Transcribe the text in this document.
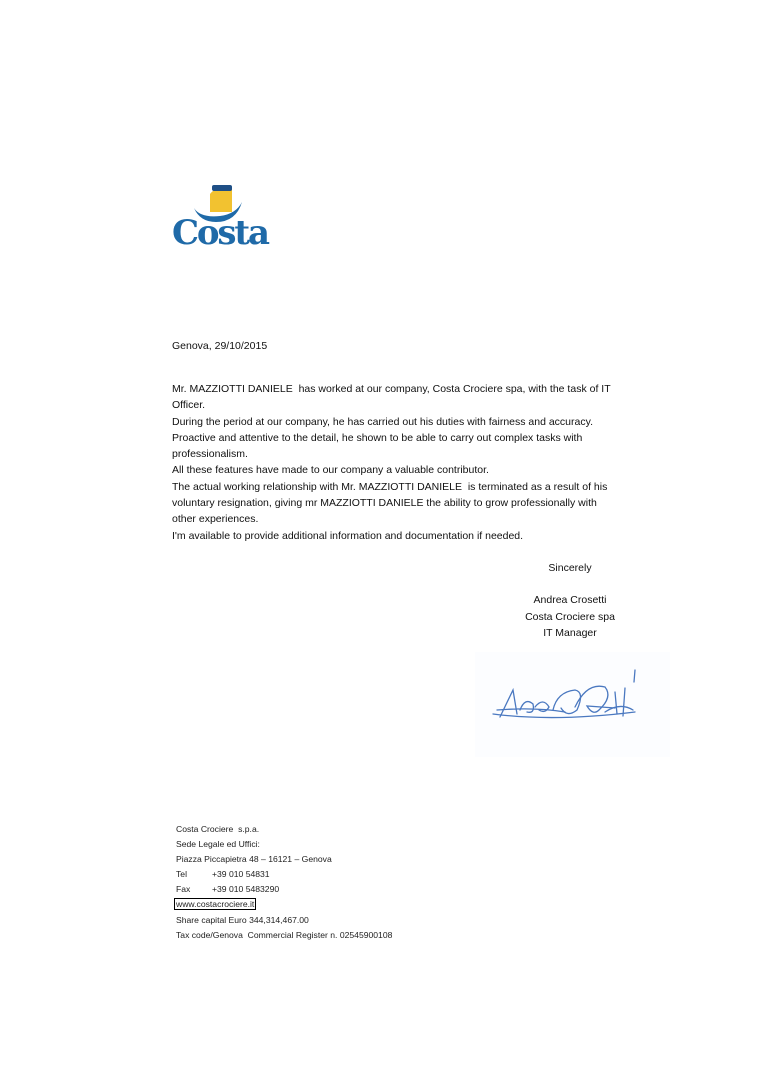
Costa
Genova, 29/10/2015
Mr. MAZZIOTTI DANIELE  has worked at our company, Costa Crociere spa, with the task of IT
Officer.
During the period at our company, he has carried out his duties with fairness and accuracy.
Proactive and attentive to the detail, he shown to be able to carry out complex tasks with
professionalism.
All these features have made to our company a valuable contributor.
The actual working relationship with Mr. MAZZIOTTI DANIELE  is terminated as a result of his
voluntary resignation, giving mr MAZZIOTTI DANIELE the ability to grow professionally with
other experiences.
I'm available to provide additional information and documentation if needed.
Sincerely
Andrea Crosetti
Costa Crociere spa
IT Manager
Costa Crociere  s.p.a.
Sede Legale ed Uffici:
Piazza Piccapietra 48 – 16121 – Genova
Tel	+39 010 54831
Fax	+39 010 5483290
www.costacrociere.it
Share capital Euro 344,314,467.00
Tax code/Genova  Commercial Register n. 02545900108
